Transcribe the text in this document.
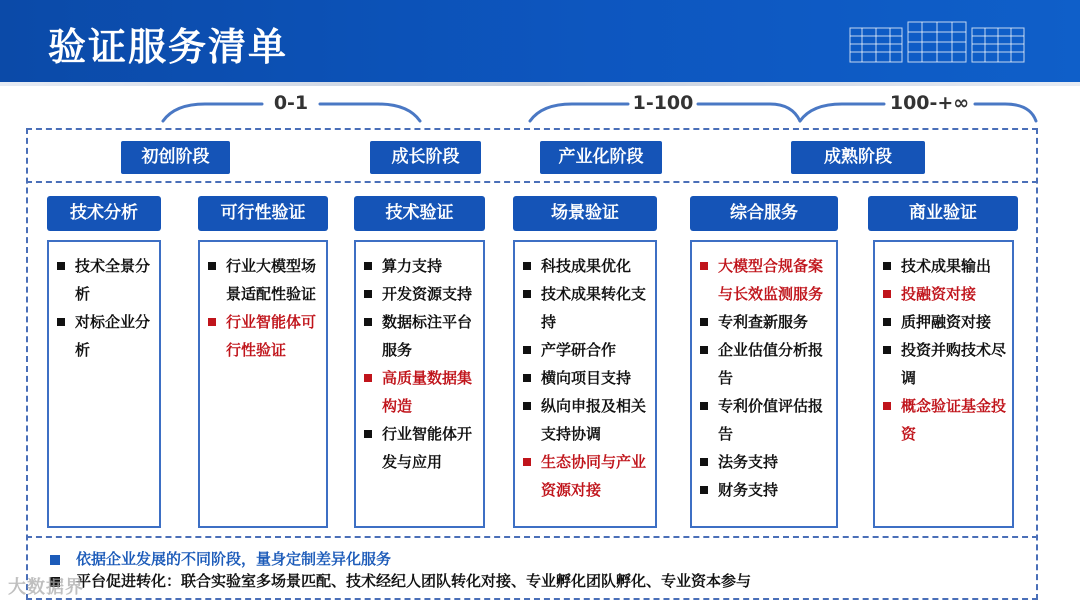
验证服务清单
0-1	1-100	100-+∞
初创阶段	成长阶段	产业化阶段	成熟阶段
技术分析
技术全景分析
对标企业分析
可行性验证
行业大模型场景适配性验证
行业智能体可行性验证
技术验证
算力支持
开发资源支持
数据标注平台服务
高质量数据集构造
行业智能体开发与应用
场景验证
科技成果优化
技术成果转化支持
产学研合作
横向项目支持
纵向申报及相关支持协调
生态协同与产业资源对接
综合服务
大模型合规备案与长效监测服务
专利查新服务
企业估值分析报告
专利价值评估报告
法务支持
财务支持
商业验证
技术成果输出
投融资对接
质押融资对接
投资并购技术尽调
概念验证基金投资
依据企业发展的不同阶段，量身定制差异化服务
平台促进转化：联合实验室多场景匹配、技术经纪人团队转化对接、专业孵化团队孵化、专业资本参与
大数据界
